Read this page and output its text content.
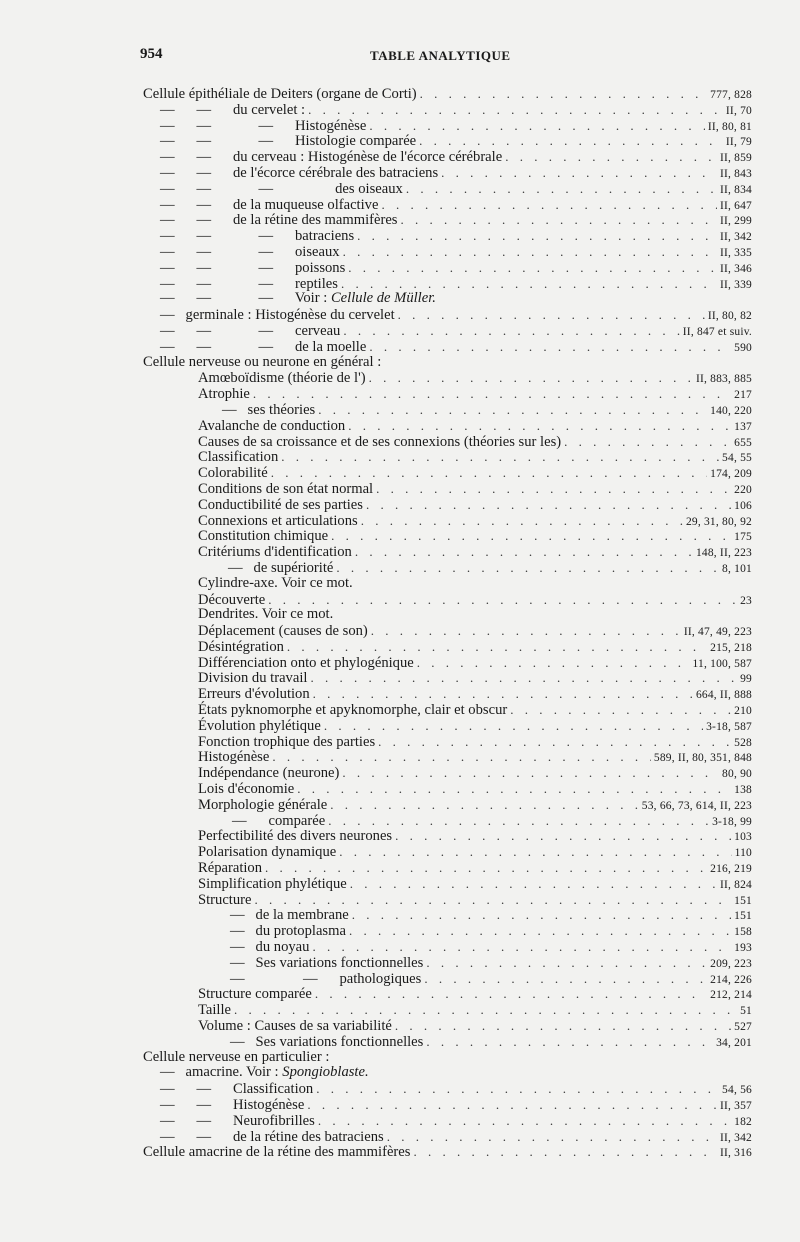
954	TABLE ANALYTIQUE
Cellule épithéliale de Deiters (organe de Corti) . . .	777, 828
—      —      du cervelet : . . .	II, 70
—      —             —      Histogénèse . . .	II, 80, 81
—      —             —      Histologie comparée . . .	II, 79
—      —      du cerveau : Histogénèse de l'écorce cérébrale . . .	II, 859
—      —      de l'écorce cérébrale des batraciens . . .	II, 843
—      —             —                 des oiseaux . . .	II, 834
—      —      de la muqueuse olfactive . . .	II, 647
—      —      de la rétine des mammifères . . .	II, 299
—      —             —      batraciens . . .	II, 342
—      —             —      oiseaux . . .	II, 335
—      —             —      poissons . . .	II, 346
—      —             —      reptiles . . .	II, 339
—      —             —      Voir : Cellule de Müller.
—   germinale : Histogénèse du cervelet . . .	II, 80, 82
—      —             —      cerveau . . .	II, 847 et suiv.
—      —             —      de la moelle . . .	590
Cellule nerveuse ou neurone en général :
Amœboïdisme (théorie de l') . . .	II, 883, 885
Atrophie . . .	217
—   ses théories . . .	140, 220
Avalanche de conduction . . .	137
Causes de sa croissance et de ses connexions (théories sur les) . . .	655
Classification . . .	54, 55
Colorabilité . . .	174, 209
Conditions de son état normal . . .	220
Conductibilité de ses parties . . .	106
Connexions et articulations . . .	29, 31, 80, 92
Constitution chimique . . .	175
Critériums d'identification . . .	148, II, 223
—   de supériorité . . .	8, 101
Cylindre-axe. Voir ce mot.
Découverte . . .	23
Dendrites. Voir ce mot.
Déplacement (causes de son) . . .	II, 47, 49, 223
Désintégration . . .	215, 218
Différenciation onto et phylogénique . . .	11, 100, 587
Division du travail . . .	99
Erreurs d'évolution . . .	664, II, 888
États pyknomorphe et apyknomorphe, clair et obscur . . .	210
Évolution phylétique . . .	3-18, 587
Fonction trophique des parties . . .	528
Histogénèse . . .	589, II, 80, 351, 848
Indépendance (neurone) . . .	80, 90
Lois d'économie . . .	138
Morphologie générale . . .	53, 66, 73, 614, II, 223
—      comparée . . .	3-18, 99
Perfectibilité des divers neurones . . .	103
Polarisation dynamique . . .	110
Réparation . . .	216, 219
Simplification phylétique . . .	II, 824
Structure . . .	151
—   de la membrane . . .	151
—   du protoplasma . . .	158
—   du noyau . . .	193
—   Ses variations fonctionnelles . . .	209, 223
—                —      pathologiques . . .	214, 226
Structure comparée . . .	212, 214
Taille . . .	51
Volume : Causes de sa variabilité . . .	527
—   Ses variations fonctionnelles . . .	34, 201
Cellule nerveuse en particulier :
—   amacrine. Voir : Spongioblaste.
—      —      Classification . . .	54, 56
—      —      Histogénèse . . .	II, 357
—      —      Neurofibrilles . . .	182
—      —      de la rétine des batraciens . . .	II, 342
Cellule amacrine de la rétine des mammifères . . .	II, 316
